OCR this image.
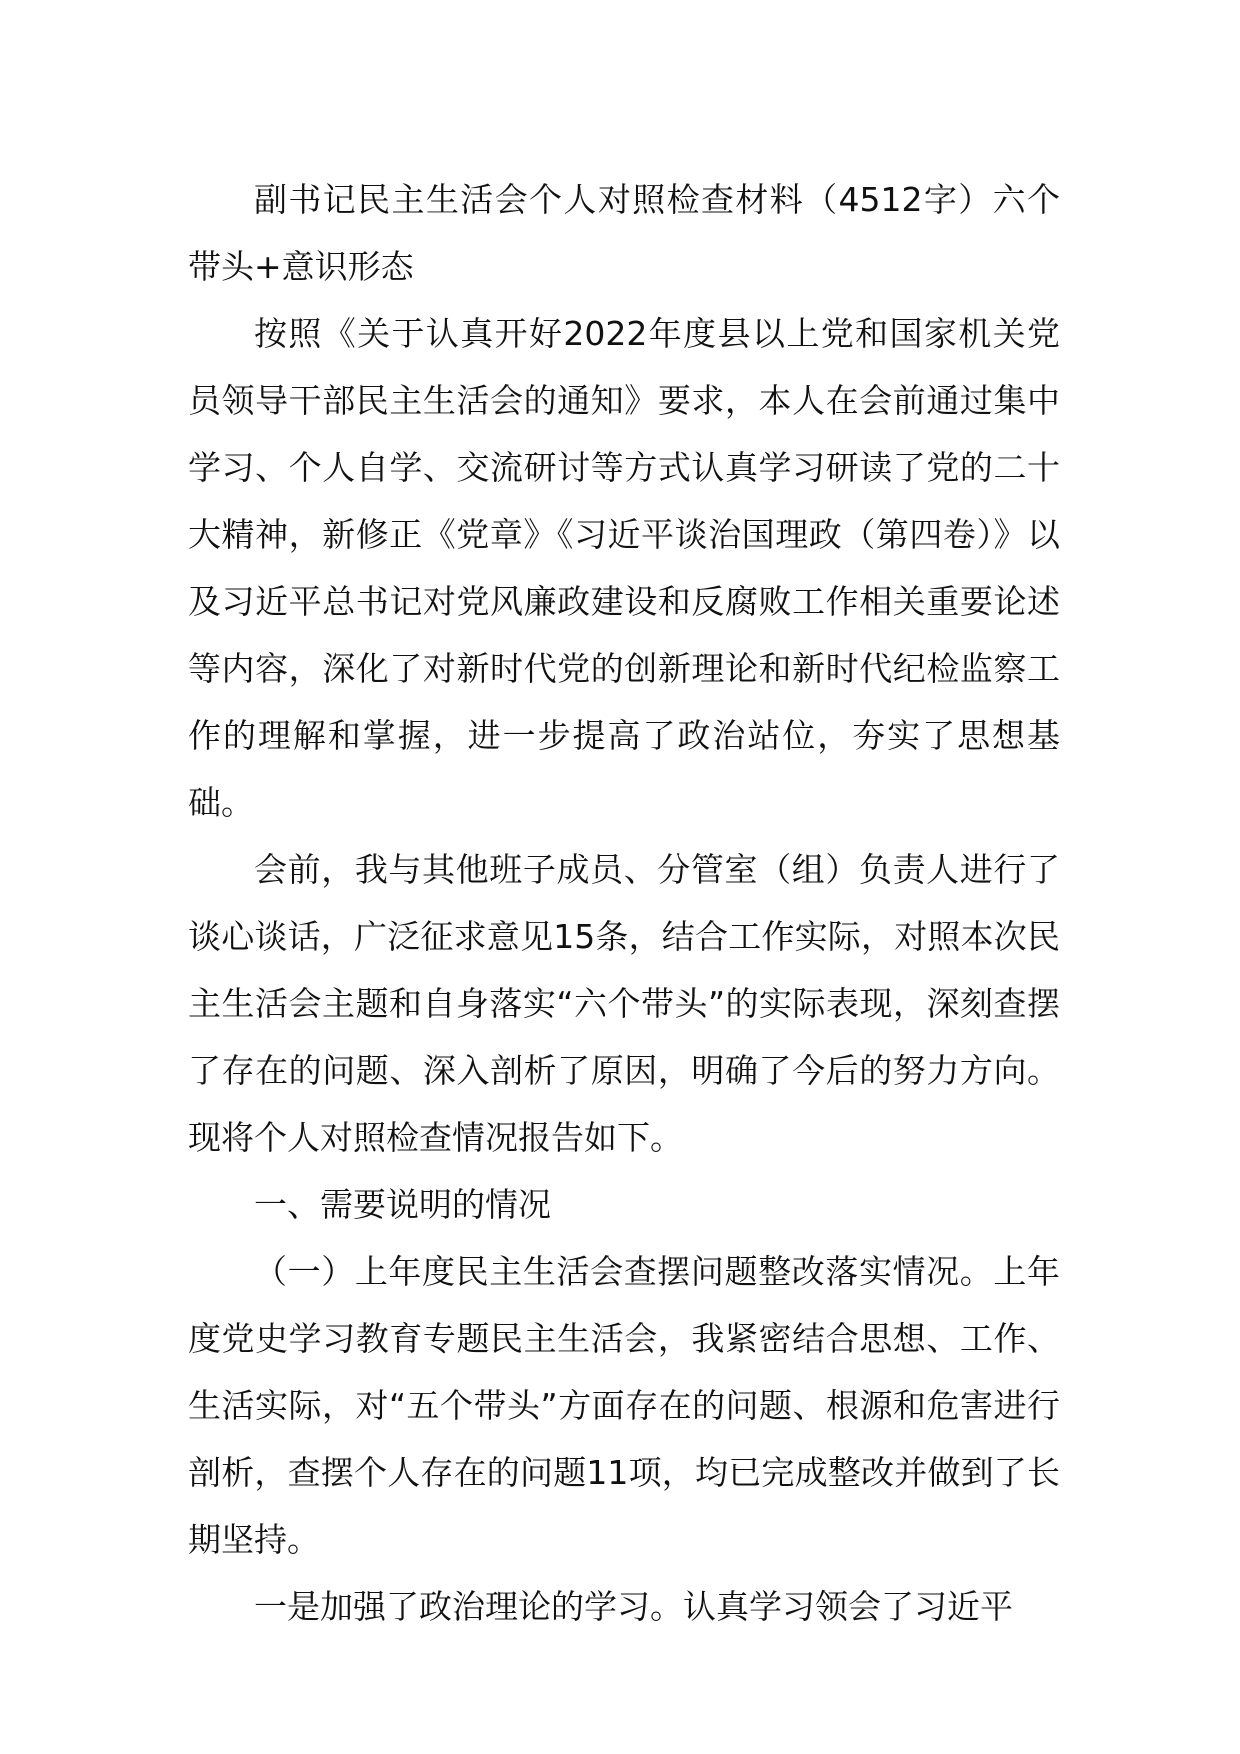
副书记民主生活会个人对照检查材料（4512字）六个带头+意识形态

按照《关于认真开好2022年度县以上党和国家机关党员领导干部民主生活会的通知》要求，本人在会前通过集中学习、个人自学、交流研讨等方式认真学习研读了党的二十大精神，新修正《党章》《习近平谈治国理政（第四卷）》以及习近平总书记对党风廉政建设和反腐败工作相关重要论述等内容，深化了对新时代党的创新理论和新时代纪检监察工作的理解和掌握，进一步提高了政治站位，夯实了思想基础。

会前，我与其他班子成员、分管室（组）负责人进行了谈心谈话，广泛征求意见15条，结合工作实际，对照本次民主生活会主题和自身落实“六个带头”的实际表现，深刻查摆了存在的问题、深入剖析了原因，明确了今后的努力方向。现将个人对照检查情况报告如下。

一、需要说明的情况

（一）上年度民主生活会查摆问题整改落实情况。上年度党史学习教育专题民主生活会，我紧密结合思想、工作、生活实际，对“五个带头”方面存在的问题、根源和危害进行剖析，查摆个人存在的问题11项，均已完成整改并做到了长期坚持。

一是加强了政治理论的学习。认真学习领会了习近平
